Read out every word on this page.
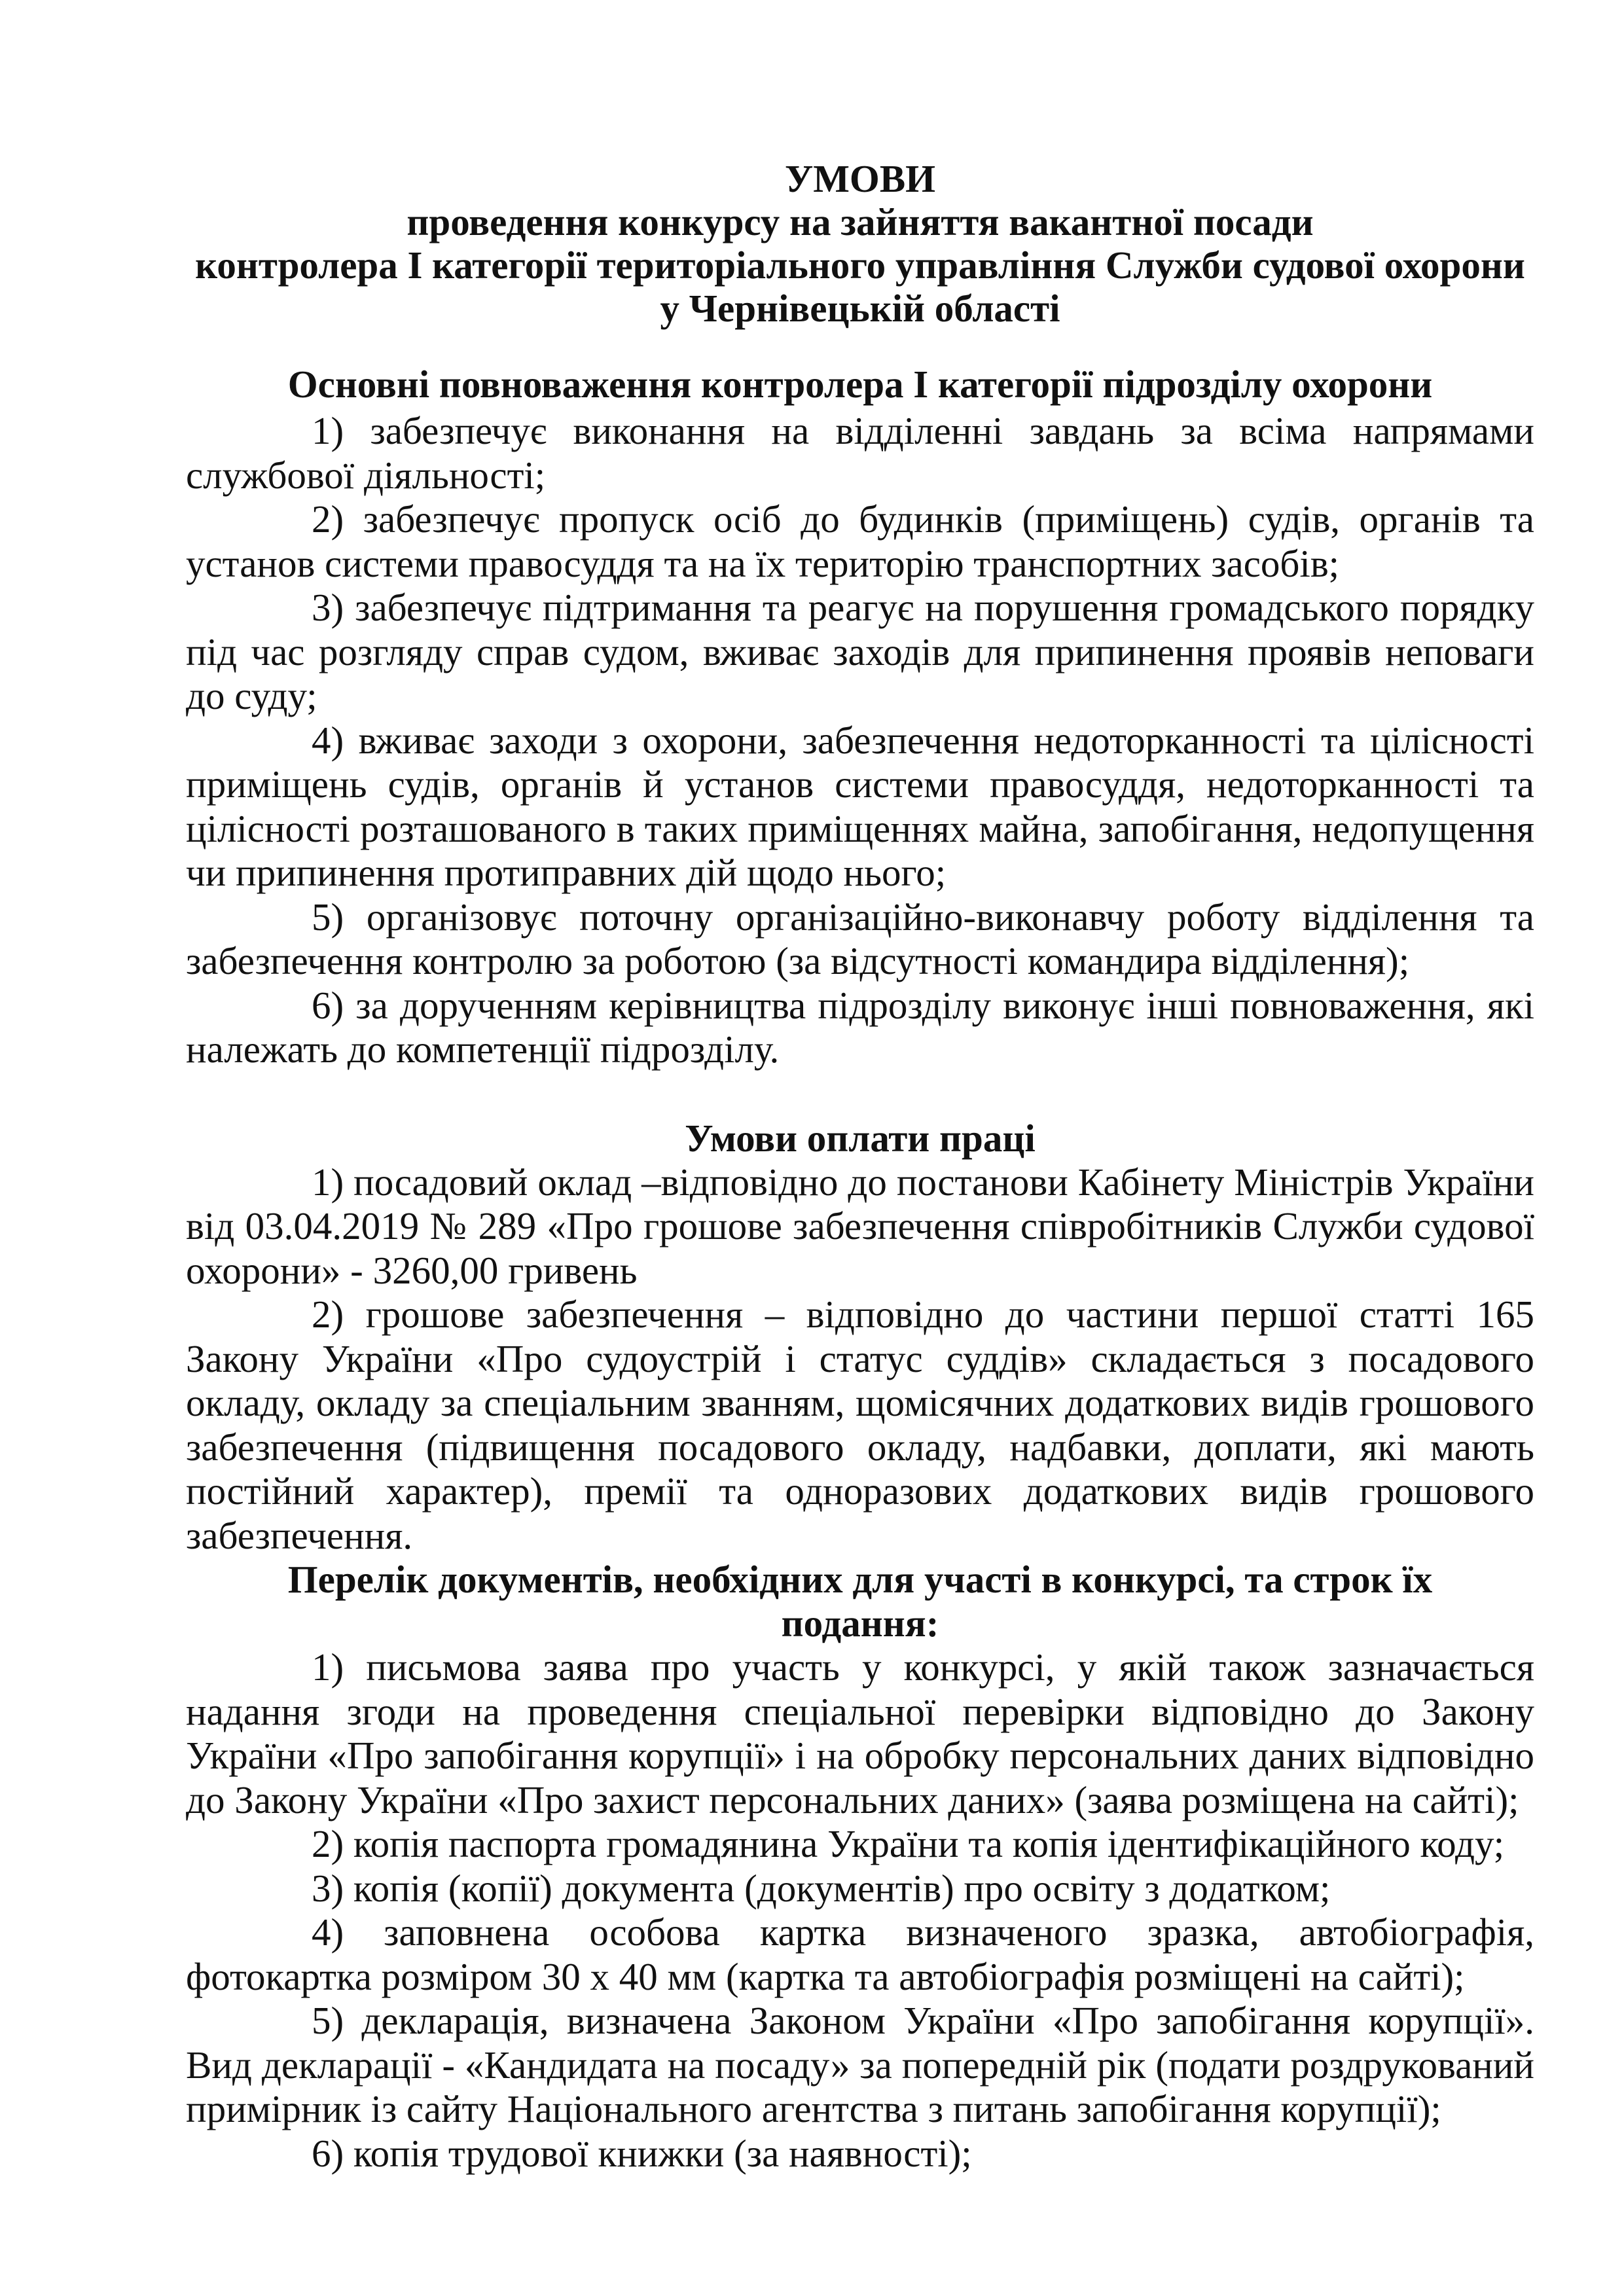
УМОВИ
проведення конкурсу на зайняття вакантної посади
контролера І категорії територіального управління Служби судової охорони
у Чернівецькій області
Основні повноваження контролера І категорії підрозділу охорони

1) забезпечує виконання на відділенні завдань за всіма напрямами службової діяльності;

2) забезпечує пропуск осіб до будинків (приміщень) судів, органів та установ системи правосуддя та на їх територію транспортних засобів;

3) забезпечує підтримання та реагує на порушення громадського порядку під час розгляду справ судом, вживає заходів для припинення проявів неповаги до суду;

4) вживає заходи з охорони, забезпечення недоторканності та цілісності приміщень судів, органів й установ системи правосуддя, недоторканності та цілісності розташованого в таких приміщеннях майна, запобігання, недопущення чи припинення протиправних дій щодо нього;

5) організовує поточну організаційно-виконавчу роботу відділення та забезпечення контролю за роботою (за відсутності командира відділення);

6) за дорученням керівництва підрозділу виконує інші повноваження, які належать до компетенції підрозділу.

Умови оплати праці

1) посадовий оклад –відповідно до постанови Кабінету Міністрів України від 03.04.2019 № 289 «Про грошове забезпечення співробітників Служби судової охорони» - 3260,00 гривень

2) грошове забезпечення – відповідно до частини першої статті 165 Закону України «Про судоустрій і статус суддів» складається з посадового окладу, окладу за спеціальним званням, щомісячних додаткових видів грошового забезпечення (підвищення посадового окладу, надбавки, доплати, які мають постійний характер), премії та одноразових додаткових видів грошового забезпечення.

Перелік документів, необхідних для участі в конкурсі, та строк їх
подання:

1) письмова заява про участь у конкурсі, у якій також зазначається надання згоди на проведення спеціальної перевірки відповідно до Закону України «Про запобігання корупції» і на обробку персональних даних відповідно до Закону України «Про захист персональних даних» (заява розміщена на сайті);

2) копія паспорта громадянина України та копія ідентифікаційного коду;

3) копія (копії) документа (документів) про освіту з додатком;

4) заповнена особова картка визначеного зразка, автобіографія, фотокартка розміром 30 х 40 мм (картка та автобіографія розміщені на сайті);

5) декларація, визначена Законом України «Про запобігання корупції». Вид декларації - «Кандидата на посаду» за попередній рік (подати роздрукований примірник із сайту Національного агентства з питань запобігання корупції);

6) копія трудової книжки (за наявності);
